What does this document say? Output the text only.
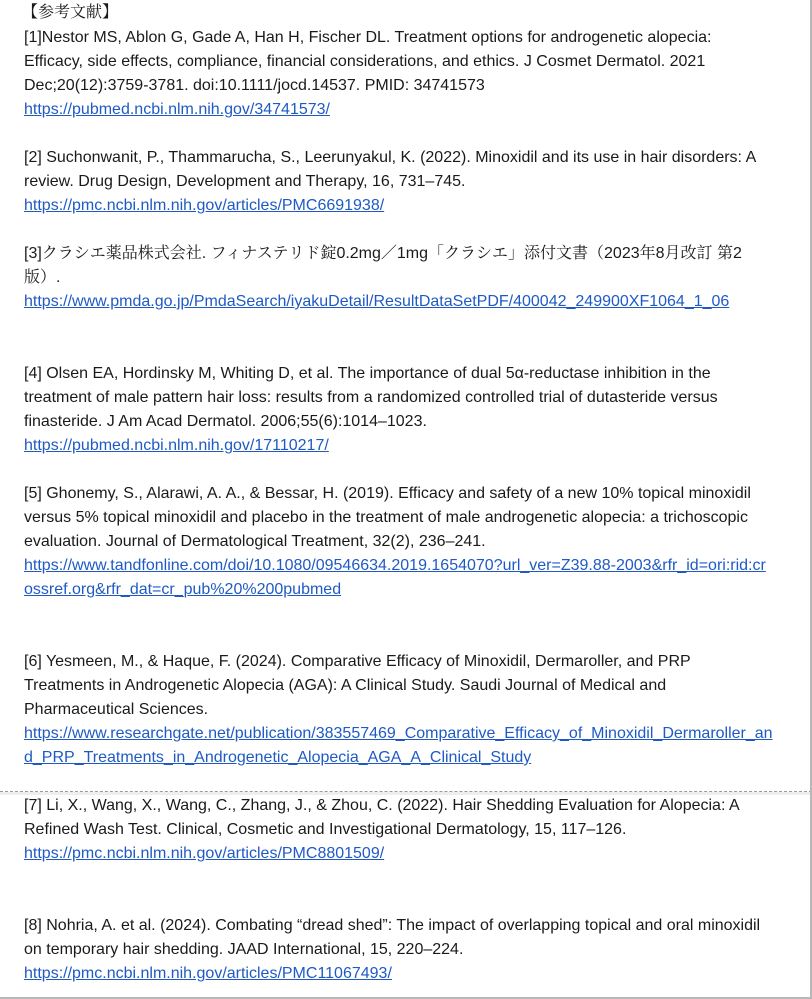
【参考文献】
[1]Nestor MS, Ablon G, Gade A, Han H, Fischer DL. Treatment options for androgenetic alopecia: Efficacy, side effects, compliance, financial considerations, and ethics. J Cosmet Dermatol. 2021 Dec;20(12):3759-3781. doi:10.1111/jocd.14537. PMID: 34741573
https://pubmed.ncbi.nlm.nih.gov/34741573/
[2] Suchonwanit, P., Thammarucha, S., Leerunyakul, K. (2022). Minoxidil and its use in hair disorders: A review. Drug Design, Development and Therapy, 16, 731–745.
https://pmc.ncbi.nlm.nih.gov/articles/PMC6691938/
[3]クラシエ薬品株式会社. フィナステリド錠0.2mg／1mg「クラシエ」添付文書（2023年8月改訂 第2版）.
https://www.pmda.go.jp/PmdaSearch/iyakuDetail/ResultDataSetPDF/400042_249900XF1064_1_06
[4] Olsen EA, Hordinsky M, Whiting D, et al. The importance of dual 5α-reductase inhibition in the treatment of male pattern hair loss: results from a randomized controlled trial of dutasteride versus finasteride. J Am Acad Dermatol. 2006;55(6):1014–1023.
https://pubmed.ncbi.nlm.nih.gov/17110217/
[5] Ghonemy, S., Alarawi, A. A., & Bessar, H. (2019). Efficacy and safety of a new 10% topical minoxidil versus 5% topical minoxidil and placebo in the treatment of male androgenetic alopecia: a trichoscopic evaluation. Journal of Dermatological Treatment, 32(2), 236–241.
https://www.tandfonline.com/doi/10.1080/09546634.2019.1654070?url_ver=Z39.88-2003&rfr_id=ori:rid:crossref.org&rfr_dat=cr_pub%20%200pubmed
[6] Yesmeen, M., & Haque, F. (2024). Comparative Efficacy of Minoxidil, Dermaroller, and PRP Treatments in Androgenetic Alopecia (AGA): A Clinical Study. Saudi Journal of Medical and Pharmaceutical Sciences.
https://www.researchgate.net/publication/383557469_Comparative_Efficacy_of_Minoxidil_Dermaroller_and_PRP_Treatments_in_Androgenetic_Alopecia_AGA_A_Clinical_Study
[7] Li, X., Wang, X., Wang, C., Zhang, J., & Zhou, C. (2022). Hair Shedding Evaluation for Alopecia: A Refined Wash Test. Clinical, Cosmetic and Investigational Dermatology, 15, 117–126.
https://pmc.ncbi.nlm.nih.gov/articles/PMC8801509/
[8] Nohria, A. et al. (2024). Combating “dread shed”: The impact of overlapping topical and oral minoxidil on temporary hair shedding. JAAD International, 15, 220–224.
https://pmc.ncbi.nlm.nih.gov/articles/PMC11067493/
